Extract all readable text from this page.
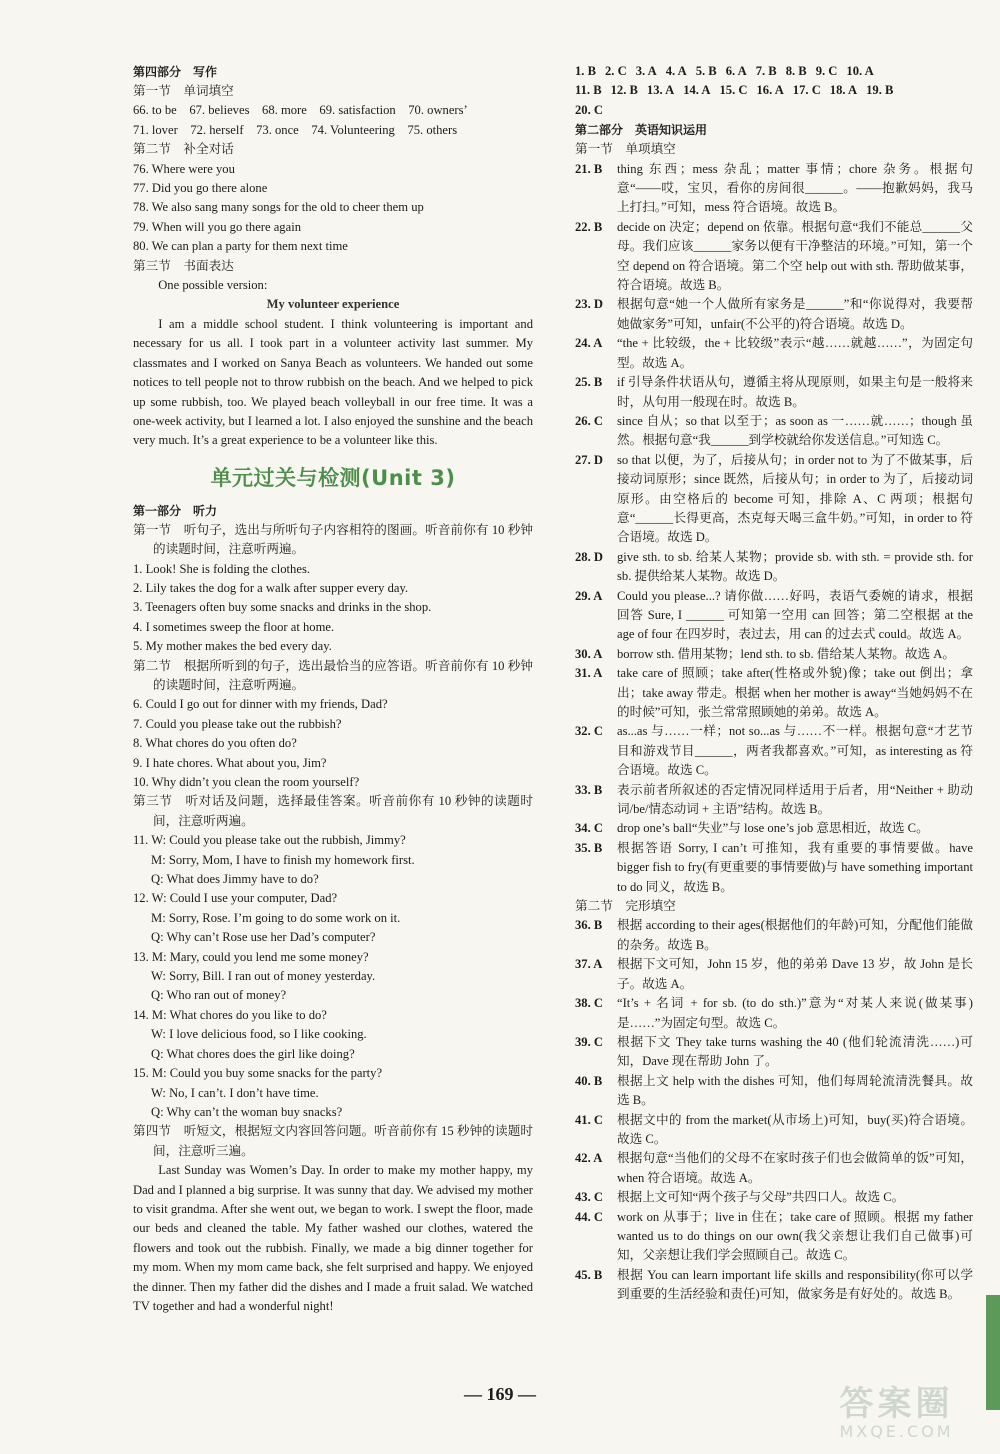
第四部分　写作
第一节　单词填空
66. to be　67. believes　68. more　69. satisfaction　70. owners’
71. lover　72. herself　73. once　74. Volunteering　75. others
第二节　补全对话
76. Where were you
77. Did you go there alone
78. We also sang many songs for the old to cheer them up
79. When will you go there again
80. We can plan a party for them next time
第三节　书面表达
One possible version:
My volunteer experience
I am a middle school student. I think volunteering is important and necessary for us all. I took part in a volunteer activity last summer. My classmates and I worked on Sanya Beach as volunteers. We handed out some notices to tell people not to throw rubbish on the beach. And we helped to pick up some rubbish, too. We played beach volleyball in our free time. It was a one-week activity, but I learned a lot. I also enjoyed the sunshine and the beach very much. It’s a great experience to be a volunteer like this.
单元过关与检测(Unit 3)
第一部分　听力
第一节　听句子，选出与所听句子内容相符的图画。听音前你有 10 秒钟的读题时间，注意听两遍。
1. Look! She is folding the clothes.
2. Lily takes the dog for a walk after supper every day.
3. Teenagers often buy some snacks and drinks in the shop.
4. I sometimes sweep the floor at home.
5. My mother makes the bed every day.
第二节　根据所听到的句子，选出最恰当的应答语。听音前你有 10 秒钟的读题时间，注意听两遍。
6. Could I go out for dinner with my friends, Dad?
7. Could you please take out the rubbish?
8. What chores do you often do?
9. I hate chores. What about you, Jim?
10. Why didn’t you clean the room yourself?
第三节　听对话及问题，选择最佳答案。听音前你有 10 秒钟的读题时间，注意听两遍。
11. W: Could you please take out the rubbish, Jimmy?
M: Sorry, Mom, I have to finish my homework first.
Q: What does Jimmy have to do?
12. W: Could I use your computer, Dad?
M: Sorry, Rose. I’m going to do some work on it.
Q: Why can’t Rose use her Dad’s computer?
13. M: Mary, could you lend me some money?
W: Sorry, Bill. I ran out of money yesterday.
Q: Who ran out of money?
14. M: What chores do you like to do?
W: I love delicious food, so I like cooking.
Q: What chores does the girl like doing?
15. M: Could you buy some snacks for the party?
W: No, I can’t. I don’t have time.
Q: Why can’t the woman buy snacks?
第四节　听短文，根据短文内容回答问题。听音前你有 15 秒钟的读题时间，注意听三遍。
Last Sunday was Women’s Day. In order to make my mother happy, my Dad and I planned a big surprise. It was sunny that day. We advised my mother to visit grandma. After she went out, we began to work. I swept the floor, made our beds and cleaned the table. My father washed our clothes, watered the flowers and took out the rubbish. Finally, we made a big dinner together for my mom. When my mom came back, she felt surprised and happy. We enjoyed the dinner. Then my father did the dishes and I made a fruit salad. We watched TV together and had a wonderful night!
1. B 2. C 3. A 4. A 5. B 6. A 7. B 8. B 9. C 10. A
11. B 12. B 13. A 14. A 15. C 16. A 17. C 18. A 19. B
20. C
第二部分　英语知识运用
第一节　单项填空
21. B	thing 东西；mess 杂乱；matter 事情；chore 杂务。根据句意“——哎，宝贝，看你的房间很______。——抱歉妈妈，我马上打扫。”可知，mess 符合语境。故选 B。
22. B	decide on 决定；depend on 依靠。根据句意“我们不能总______父母。我们应该______家务以便有干净整洁的环境。”可知，第一个空 depend on 符合语境。第二个空 help out with sth. 帮助做某事，符合语境。故选 B。
23. D	根据句意“她一个人做所有家务是______”和“你说得对，我要帮她做家务”可知，unfair(不公平的)符合语境。故选 D。
24. A	“the + 比较级，the + 比较级”表示“越……就越……”，为固定句型。故选 A。
25. B	if 引导条件状语从句，遵循主将从现原则，如果主句是一般将来时，从句用一般现在时。故选 B。
26. C	since 自从；so that 以至于；as soon as 一……就……；though 虽然。根据句意“我______到学校就给你发送信息。”可知选 C。
27. D	so that 以便，为了，后接从句；in order not to 为了不做某事，后接动词原形；since 既然，后接从句；in order to 为了，后接动词原形。由空格后的 become 可知，排除 A、C 两项；根据句意“______长得更高，杰克每天喝三盒牛奶。”可知，in order to 符合语境。故选 D。
28. D	give sth. to sb. 给某人某物；provide sb. with sth. = provide sth. for sb. 提供给某人某物。故选 D。
29. A	Could you please...? 请你做……好吗，表语气委婉的请求，根据回答 Sure, I ______ 可知第一空用 can 回答；第二空根据 at the age of four 在四岁时，表过去，用 can 的过去式 could。故选 A。
30. A	borrow sth. 借用某物；lend sth. to sb. 借给某人某物。故选 A。
31. A	take care of 照顾；take after(性格或外貌)像；take out 倒出；拿出；take away 带走。根据 when her mother is away“当她妈妈不在的时候”可知，张兰常常照顾她的弟弟。故选 A。
32. C	as...as 与……一样；not so...as 与……不一样。根据句意“才艺节目和游戏节目______，两者我都喜欢。”可知，as interesting as 符合语境。故选 C。
33. B	表示前者所叙述的否定情况同样适用于后者，用“Neither + 助动词/be/情态动词 + 主语”结构。故选 B。
34. C	drop one’s ball“失业”与 lose one’s job 意思相近，故选 C。
35. B	根据答语 Sorry, I can’t 可推知，我有重要的事情要做。have bigger fish to fry(有更重要的事情要做)与 have something important to do 同义，故选 B。
第二节　完形填空
36. B	根据 according to their ages(根据他们的年龄)可知，分配他们能做的杂务。故选 B。
37. A	根据下文可知，John 15 岁，他的弟弟 Dave 13 岁，故 John 是长子。故选 A。
38. C	“It’s + 名词 + for sb. (to do sth.)”意为“对某人来说(做某事)是……”为固定句型。故选 C。
39. C	根据下文 They take turns washing the 40 (他们轮流清洗……)可知，Dave 现在帮助 John 了。
40. B	根据上文 help with the dishes 可知，他们每周轮流清洗餐具。故选 B。
41. C	根据文中的 from the market(从市场上)可知，buy(买)符合语境。故选 C。
42. A	根据句意“当他们的父母不在家时孩子们也会做简单的饭”可知，when 符合语境。故选 A。
43. C	根据上文可知“两个孩子与父母”共四口人。故选 C。
44. C	work on 从事于；live in 住在；take care of 照顾。根据 my father wanted us to do things on our own(我父亲想让我们自己做事)可知，父亲想让我们学会照顾自己。故选 C。
45. B	根据 You can learn important life skills and responsibility(你可以学到重要的生活经验和责任)可知，做家务是有好处的。故选 B。
— 169 —	答案圈
MXQE.COM
